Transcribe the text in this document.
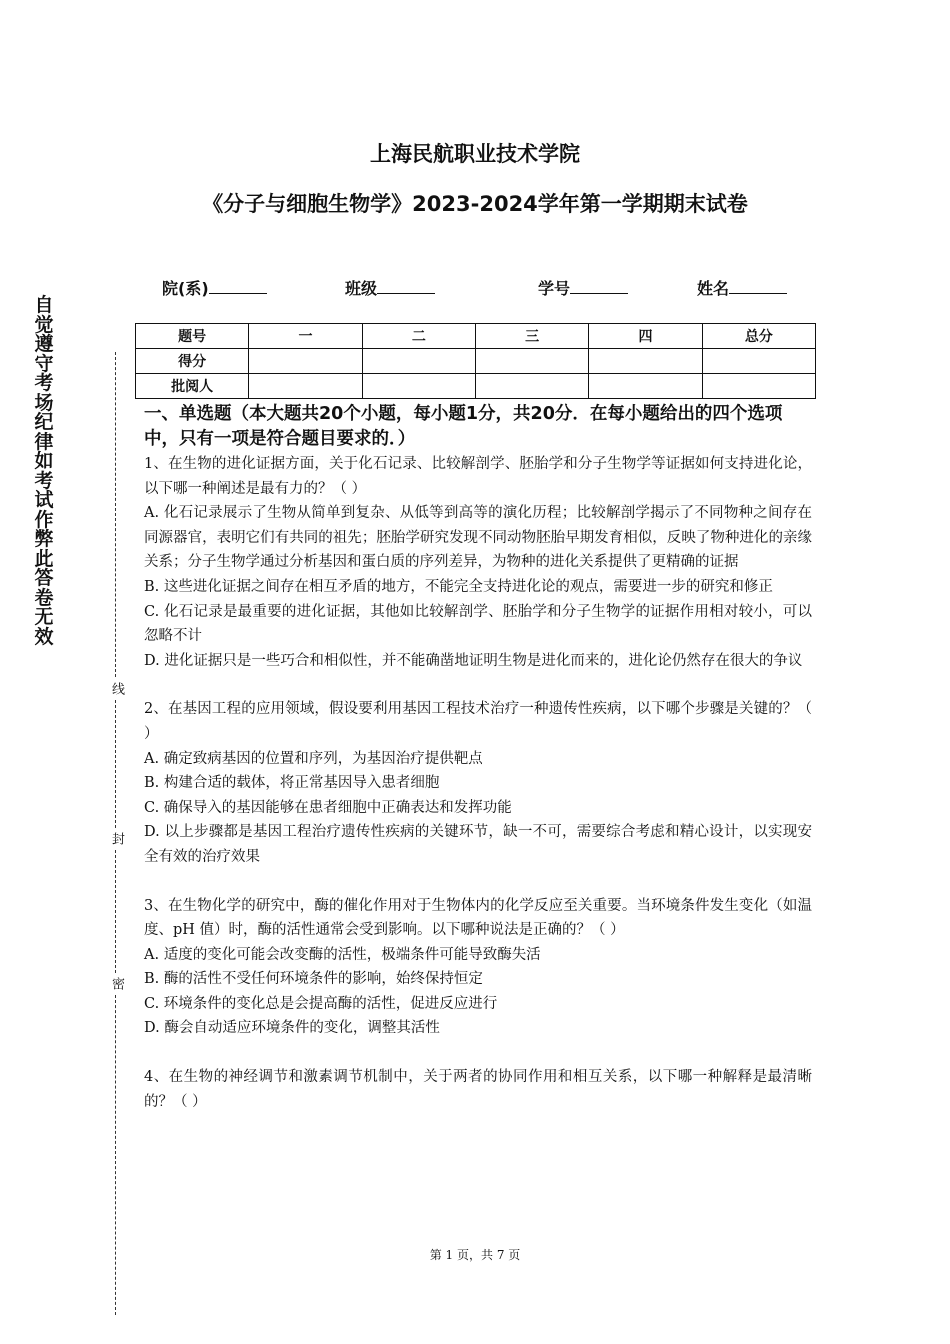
上海民航职业技术学院
《分子与细胞生物学》2023-2024学年第一学期期末试卷
院(系)	班级	学号	姓名
题号	一	二	三	四	总分
得分					
批阅人					
自
觉
遵
守
考
场
纪
律
如
考
试
作
弊
此
答
卷
无
效
线
封
密
一、单选题（本大题共20个小题，每小题1分，共20分．在每小题给出的四个选项中，只有一项是符合题目要求的．）

1、在生物的进化证据方面，关于化石记录、比较解剖学、胚胎学和分子生物学等证据如何支持进化论，以下哪一种阐述是最有力的？（ ）

A. 化石记录展示了生物从简单到复杂、从低等到高等的演化历程；比较解剖学揭示了不同物种之间存在同源器官，表明它们有共同的祖先；胚胎学研究发现不同动物胚胎早期发育相似，反映了物种进化的亲缘关系；分子生物学通过分析基因和蛋白质的序列差异，为物种的进化关系提供了更精确的证据

B. 这些进化证据之间存在相互矛盾的地方，不能完全支持进化论的观点，需要进一步的研究和修正

C. 化石记录是最重要的进化证据，其他如比较解剖学、胚胎学和分子生物学的证据作用相对较小，可以忽略不计

D. 进化证据只是一些巧合和相似性，并不能确凿地证明生物是进化而来的，进化论仍然存在很大的争议

2、在基因工程的应用领域，假设要利用基因工程技术治疗一种遗传性疾病，以下哪个步骤是关键的？（ ）

A. 确定致病基因的位置和序列，为基因治疗提供靶点

B. 构建合适的载体，将正常基因导入患者细胞

C. 确保导入的基因能够在患者细胞中正确表达和发挥功能

D. 以上步骤都是基因工程治疗遗传性疾病的关键环节，缺一不可，需要综合考虑和精心设计，以实现安全有效的治疗效果

3、在生物化学的研究中，酶的催化作用对于生物体内的化学反应至关重要。当环境条件发生变化（如温度、pH 值）时，酶的活性通常会受到影响。以下哪种说法是正确的？（ ）

A. 适度的变化可能会改变酶的活性，极端条件可能导致酶失活

B. 酶的活性不受任何环境条件的影响，始终保持恒定

C. 环境条件的变化总是会提高酶的活性，促进反应进行

D. 酶会自动适应环境条件的变化，调整其活性

4、在生物的神经调节和激素调节机制中，关于两者的协同作用和相互关系，以下哪一种解释是最清晰的？（ ）

第 1 页，共 7 页
